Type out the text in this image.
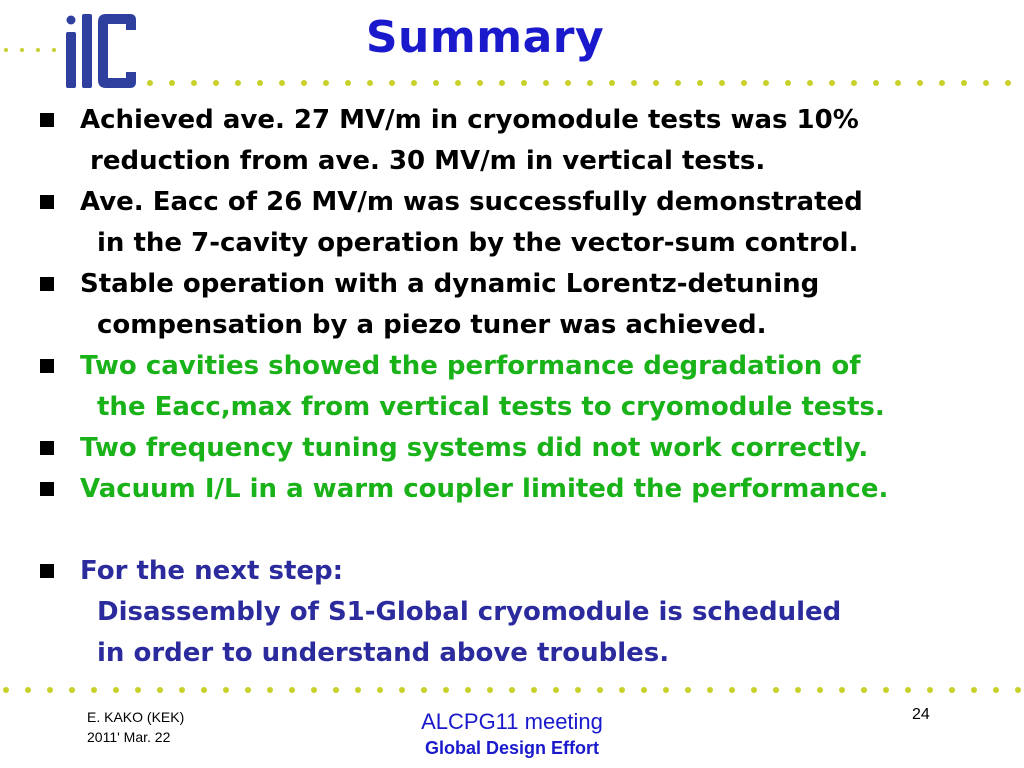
Summary
Achieved ave. 27 MV/m in cryomodule tests was 10%
reduction from ave. 30 MV/m in vertical tests.
Ave. Eacc of 26 MV/m was successfully demonstrated
in the 7-cavity operation by the vector-sum control.
Stable operation with a dynamic Lorentz-detuning
compensation by a piezo tuner was achieved.
Two cavities showed the performance degradation of
the Eacc,max from vertical tests to cryomodule tests.
Two frequency tuning systems did not work correctly.
Vacuum I/L in a warm coupler limited the performance.
For the next step:
Disassembly of S1-Global cryomodule is scheduled
in order to understand above troubles.
E. KAKO (KEK)
2011' Mar. 22
ALCPG11 meeting
Global Design Effort
24
